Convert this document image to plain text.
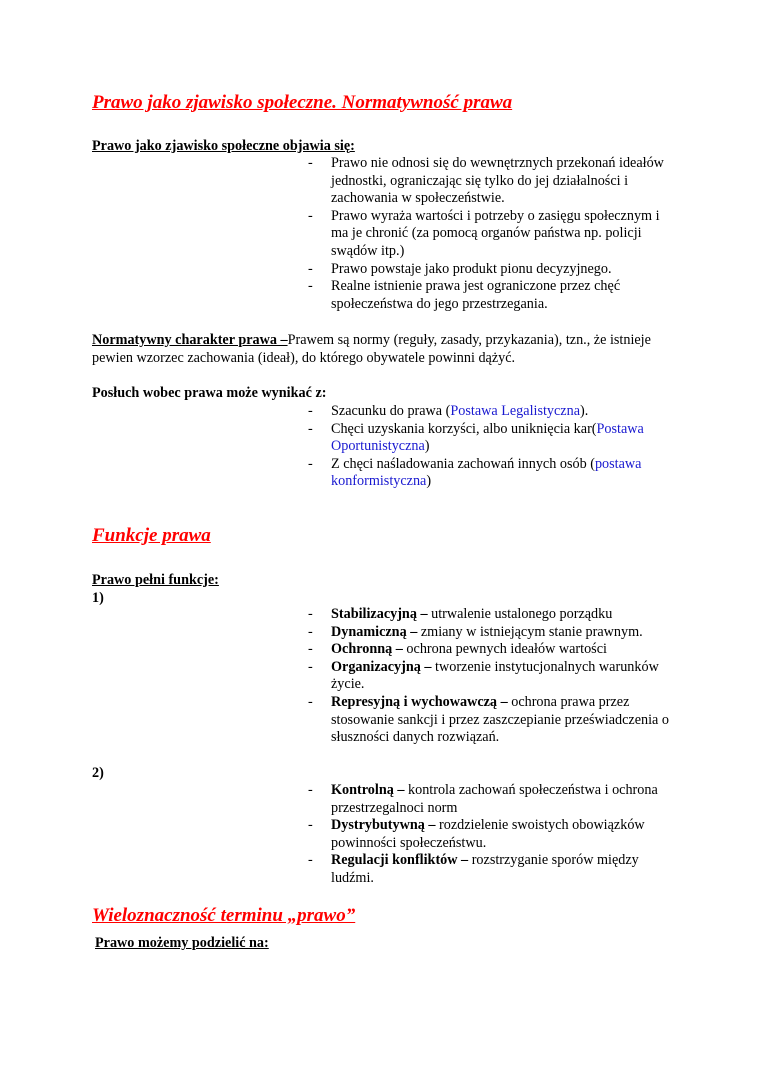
Prawo jako zjawisko społeczne. Normatywność prawa

Prawo jako zjawisko społeczne objawia się:

- Prawo nie odnosi się do wewnętrznych przekonań ideałów jednostki, ograniczając się tylko do jej działalności i zachowania w społeczeństwie.
- Prawo wyraża wartości i potrzeby o zasięgu społecznym i ma je chronić (za pomocą organów państwa np. policji swądów itp.)
- Prawo powstaje jako produkt pionu decyzyjnego.
- Realne istnienie prawa jest ograniczone przez chęć społeczeństwa do jego przestrzegania.

Normatywny charakter prawa –Prawem są normy (reguły, zasady, przykazania), tzn., że istnieje pewien wzorzec zachowania (ideał), do którego obywatele powinni dążyć.

Posłuch wobec prawa może wynikać z:

- Szacunku do prawa (Postawa Legalistyczna).
- Chęci uzyskania korzyści, albo uniknięcia kar(Postawa Oportunistyczna)
- Z chęci naśladowania zachowań innych osób (postawa konformistyczna)
Funkcje prawa

Prawo pełni funkcje:

1)

- Stabilizacyjną – utrwalenie ustalonego porządku
- Dynamiczną – zmiany w istniejącym stanie prawnym.
- Ochronną – ochrona pewnych ideałów wartości
- Organizacyjną – tworzenie instytucjonalnych warunków życie.
- Represyjną i wychowawczą – ochrona prawa przez stosowanie sankcji i przez zaszczepianie przeświadczenia o słuszności danych rozwiązań.

2)

- Kontrolną – kontrola zachowań społeczeństwa i ochrona przestrzegalnoci norm
- Dystrybutywną – rozdzielenie swoistych obowiązków powinności społeczeństwu.
- Regulacji konfliktów – rozstrzyganie sporów między ludźmi.
Wieloznaczność terminu „prawo”

Prawo możemy podzielić na:
